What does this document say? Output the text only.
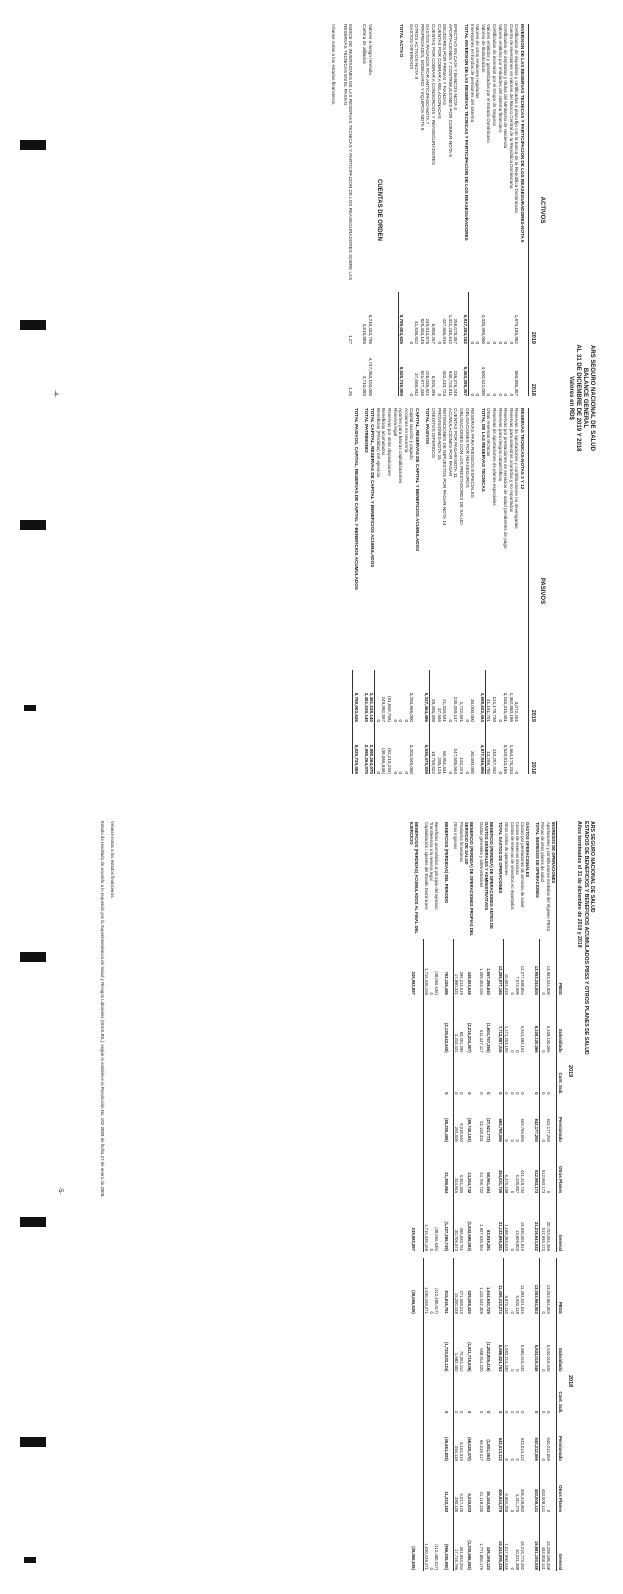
ARS SEGURO NACIONAL DE SALUD
BALANCE GENERAL
AL 31 DE DICIEMBRE DE 2019 Y 2018
Valores en RD$
ACTIVOS
2019
2018
INVERSION DE LAS RESERVAS TECNICAS Y PARTICIPACION DE LOS REASEGURADORES-NOTA 5
Certificados de depósitos y certificados a plazo fijo con la banca de la República Dominicana
1,879,185,982
860,886,357
Cuenta de inversiones en valores del Banco Central de la República Dominicana
0
0
Certificados de depósitos y títulos del Ministerio de Hacienda
0
0
Valores emitidos por entidades del sistema financiero
0
0
Certificados de inversión por el Grupo de Seguros
0
0
Valores emitidos y garantizados por el Estado Dominicano
0
0
Valores de titularización
4,035,990,000
4,500,522,000
Valores de otros emisores regulados
0
0
Inversiones en fondos de pensiones del sistema
0
0
TOTAL INVERSION DE LAS RESERVAS TECNICAS Y PARTICIPACION DE LOS REASEGURADORES
5,917,284,182
5,363,398,357
EFECTIVO EN CAJA Y BANCOS-NOTA 4
258,078,357
236,376,249
APORTACIONES Y CONTRIBUCIONES POR COBRAR-NOTA 5
1,021,235,612
930,723,911
DEUDORES POR PRIMAS Y FIANZAS
437,666,915
402,410,723
CUENTAS POR COBRAR A RELACIONADAS
0
0
CUENTAS POR COBRAR A CONSORCIOS Y REASEGURADORES
6,856,257
6,925,496
GASTOS PAGADOS POR ANTICIPADO-NOTA 7
249,913,876
226,036,921
PROPIEDADES, MOBILIARIO Y EQUIPOS-NOTA 8
825,363,145
821,977,436
OTROS ACTIVOS-NOTA 9
41,836,922
37,658,942
GASTOS DIFERIDOS
0
0
TOTAL ACTIVO
8,789,003,626
8,025,739,909
CUENTAS DE ORDEN
Valores a riesgo retenido
6,218,333,796
4,747,063,103,005
Cartera de afiliados
4,818,886
4,713,080
INDICE DE INVERSIONES DE LAS RESERVAS TECNICAS Y PARTICIPACION DE LOS REASEGURADORES SOBRE LAS RESERVAS TECNICAS EN EL PASIVO
1.27
1.25
Véanse notas a los estados financieros.
PASIVOS
2019
2018
RESERVAS TECNICAS-NOTAS 3 Y 12
Reservas de aportaciones y contribuciones no devengadas
3,072,201
0
Reservas para siniestros ocurridos y no reportados
1,362,880,186
1,664,176,234
Reservas por prestaciones de servicios de salud pendientes de pago
3,163,315,401
3,520,813,186
Reservas para riesgos catastróficos
0
0
Reservas de aportaciones de planes especiales
121,178,730
110,257,932
Otras reservas técnicas
41,181,701
13,288,786
TOTAL DE LAS RESERVAS TECNICAS
4,988,622,454
4,877,846,896
RESERVAS PARA RIESGOS ESPECIALES
30,000,000
30,000,000
OBLIGACIONES POR REASEGUROS
0
0
OBLIGACIONES CON LOS PRESTADORES DE SALUD
1,722,691
132,224
CUENTAS POR PAGAR-NOTA 11
239,289,117
147,505,564
ACUMULACIONES POR PAGAR
0
0
RETENCIONES DE IMPUESTOS POR PAGAR-NOTA 14
21,334,591
60,961,631
PROVISIONES-NOTA 15
37,946
295,125
CREDITOS DIFERIDOS
28,455,398
18,759,822
TOTAL PASIVOS
5,337,464,486
5,035,475,839
CAPITAL, RESERVAS DE CAPITAL Y BENEFICIOS ACUMULADOS
Capital suscrito y pagado
3,293,966,000
3,203,546,000
Acciones en tesorería
0
0
Aportes para futuras capitalizaciones
0
0
Reserva legal
0
0
Reservas por otras disposiciones
(91,669,756)
(52,215,294)
Beneficios acumulados
249,982,897
(38,066,636)
Beneficios (Pérdidas) del ejercicio
0
0
TOTAL CAPITAL, RESERVAS DE CAPITAL Y BENEFICIOS ACUMULADOS
3,451,539,140
2,990,264,070
TOTAL PATRIMONIO
3,451,539,140
2,990,264,070
TOTAL PASIVOS, CAPITAL, RESERVAS DE CAPITAL Y BENEFICIOS ACUMULADOS
8,789,003,626
8,025,739,909
-4-
ARS SEGURO NACIONAL DE SALUD
ESTADOS DE BENEFICIOS Y BENEFICIOS ACUMULADOS PBSS Y OTROS PLANES DE SALUD
Años terminados el 31 de diciembre de 2019 y 2018
2019
2018
	PBSS	Subsidiado	Cont. Sub.	Pensionado	Otros Planes	General		PBSS	Subsidiado	Cont. Sub.	Pensionado	Otros Planes	General
INGRESOS DE OPERACIONES													
Aportaciones y contribuciones recibidas del régimen PBSS	13,953,344,000	6,108,130,066	0	642,177,293	0	20,703,651,359		13,053,954,003	5,634,019,346	0	540,212,059	0	19,228,185,408
Primas de otros planes de salud	0	0	0	0	512,993,173	512,993,173		0	0	0	0	453,008,141	453,008,141
TOTAL INGRESOS DE OPERACIONES	13,953,344,000	6,108,130,066	0	642,177,293	512,993,173	21,216,644,532		13,053,954,003	5,634,019,346	0	540,212,059	453,008,141	19,681,193,549
GASTOS OPERACIONALES													
Costos por prestaciones de servicios de salud	12,277,698,854	6,541,684,161	0	669,799,066	441,319,734	19,930,501,815		11,393,521,046	5,884,610,432	0	542,013,112	396,628,802	18,216,773,392
Costos de reservas técnicas	7,673,996	0	0	0	6,235,807	13,909,803		5,920,118	0	0	0	4,311,270	10,231,388
Costos de reservas de siniestros no reportados	0	0	0	0	0	0		0	0	0	0	0	0
Otros costos de operaciones	10,604,310	1,171,203,155	0	0	6,476,168	1,188,283,633		9,872,110	1,002,214,330	0	0	5,904,206	1,017,990,646
TOTAL GASTOS DE OPERACIONES	12,295,977,160	7,712,887,316	0	669,799,066	454,031,709	21,132,695,251		11,409,313,274	6,886,824,762	0	542,013,112	406,844,278	19,244,995,426
BENEFICIO (PERDIDA) DE OPERACIONES ANTES DE GASTOS GENERALES Y ADMINISTRATIVOS	1,657,366,840	(1,604,757,250)	0	(27,621,773)	58,961,464	83,949,281		1,644,640,729	(1,252,805,416)	0	(1,801,053)	46,163,863	436,198,123
Gastos generales y administrativos	1,209,363,194	611,447,117	0	62,118,331	44,706,722	1,927,635,364		1,115,632,309	558,914,220	0	56,219,417	41,118,230	1,771,884,176
BENEFICIO (PERDIDA) DE OPERACIONES PROPIAS DEL SERVICIO DE SALUD	448,003,646	(2,216,204,367)	0	(89,740,104)	14,254,742	(1,843,686,083)		529,008,420	(1,811,719,636)	0	(58,020,470)	5,045,633	(1,335,686,053)
Productos financieros	296,212,519	83,451,296	0	9,218,640	6,811,306	395,693,761		271,608,213	76,204,112	0	8,104,519	6,017,420	361,934,264
Otros ingresos	17,890,321	2,210,431	0	291,005	314,816	20,706,573		15,200,148	1,982,400	0	254,118	280,130	17,716,796
BENEFICIOS (PERDIDAS) DEL PERIODO	762,106,486	(2,130,542,640)	0	(80,230,459)	21,380,864	(1,427,285,749)		815,816,781	(1,733,533,124)	0	(49,661,833)	11,343,183	(956,035,990)
Beneficios acumulados al principio del ejercicio	(38,066,636)					(38,066,636)		(112,480,017)					(112,480,017)
Transferencia a la reserva legal	0					0		0					0
Capitalización / aportes del Estado Dominicano	1,715,335,169					1,715,335,169		1,030,449,371					1,030,449,371
BENEFICIOS (PERDIDAS) ACUMULADOS AL FINAL DEL EJERCICIO	249,982,897					249,982,897		(38,066,636)					(38,066,636)
Véanse notas a los estados financieros.
Estado de resultado de acuerdo a lo requerido por la Superintendencia de Salud y Riesgos Laborales (SISALRIL), según lo establece la Resolución No. 182-2009 de fecha 27 de enero de 2009.
-5-
